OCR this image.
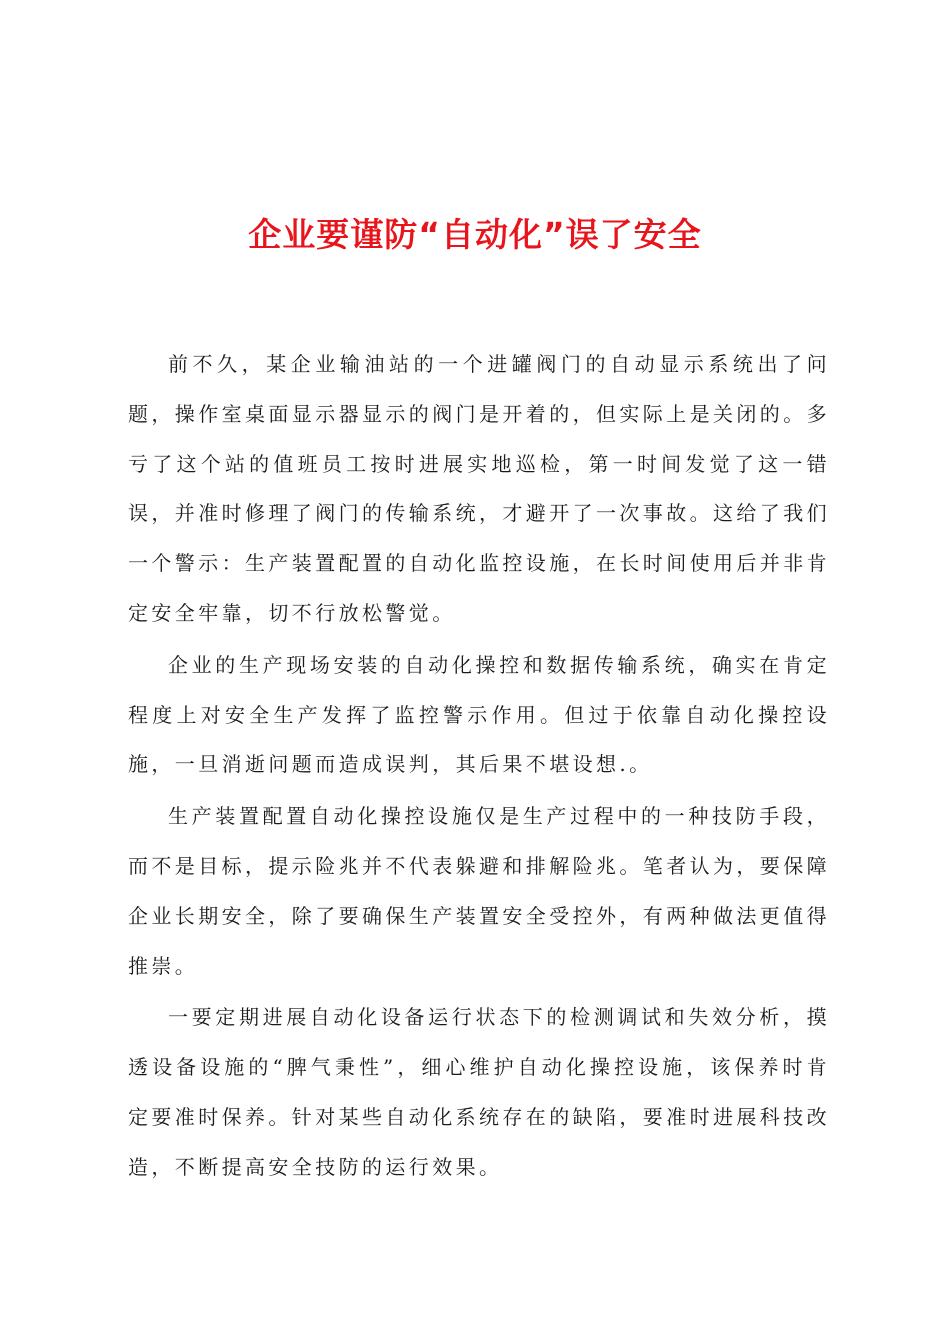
企业要谨防“自动化”误了安全

前不久，某企业输油站的一个进罐阀门的自动显示系统出了问题，操作室桌面显示器显示的阀门是开着的，但实际上是关闭的。多亏了这个站的值班员工按时进展实地巡检，第一时间发觉了这一错误，并准时修理了阀门的传输系统，才避开了一次事故。这给了我们一个警示：生产装置配置的自动化监控设施，在长时间使用后并非肯定安全牢靠，切不行放松警觉。

企业的生产现场安装的自动化操控和数据传输系统，确实在肯定程度上对安全生产发挥了监控警示作用。但过于依靠自动化操控设施，一旦消逝问题而造成误判，其后果不堪设想.。

生产装置配置自动化操控设施仅是生产过程中的一种技防手段，而不是目标，提示险兆并不代表躲避和排解险兆。笔者认为，要保障企业长期安全，除了要确保生产装置安全受控外，有两种做法更值得推崇。

一要定期进展自动化设备运行状态下的检测调试和失效分析，摸透设备设施的“脾气秉性”，细心维护自动化操控设施，该保养时肯定要准时保养。针对某些自动化系统存在的缺陷，要准时进展科技改造，不断提高安全技防的运行效果。
